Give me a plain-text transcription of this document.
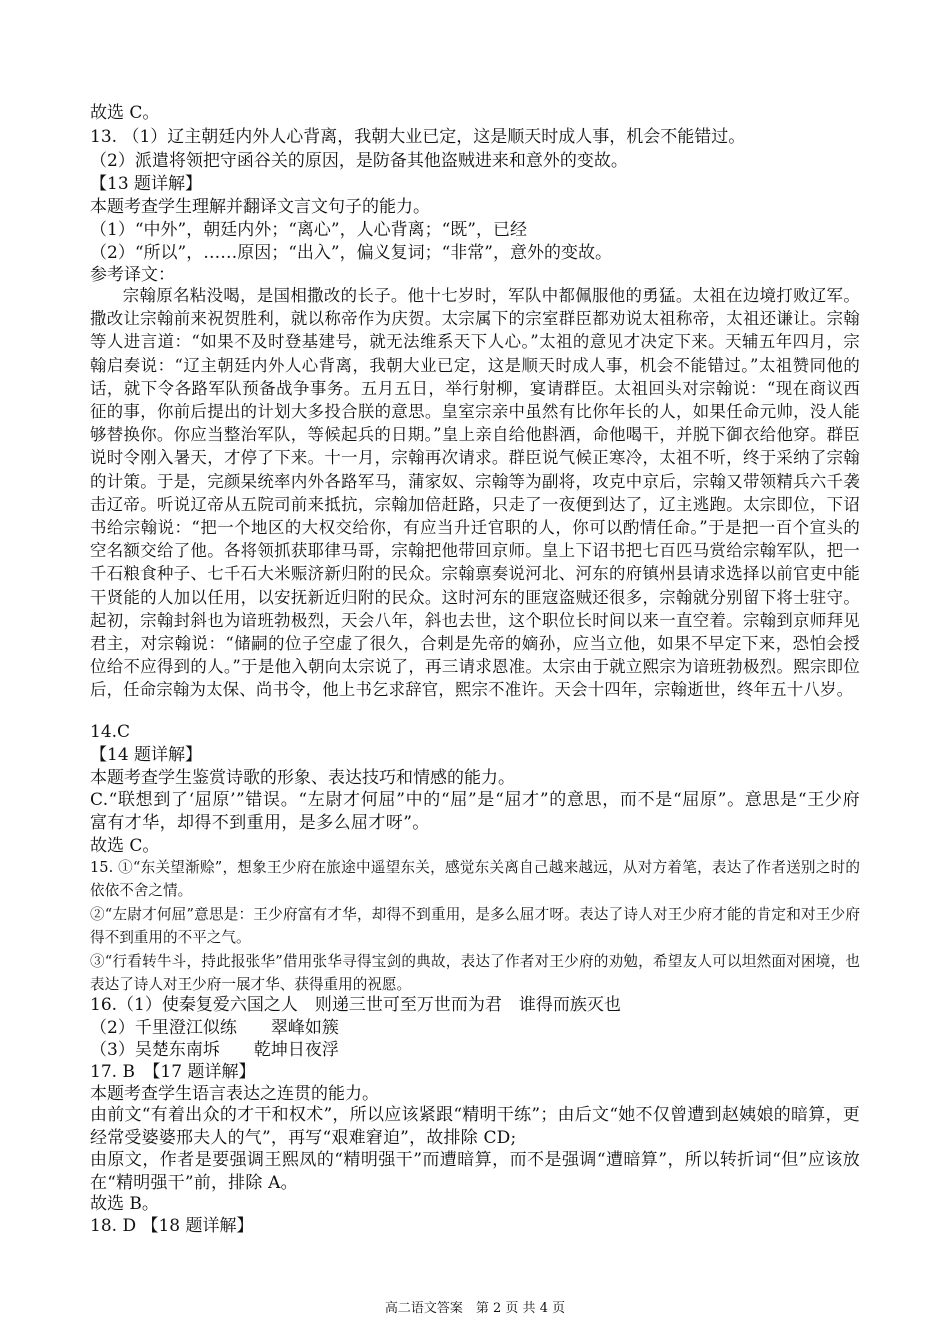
故选 C。
13. （1）辽主朝廷内外人心背离，我朝大业已定，这是顺天时成人事，机会不能错过。
（2）派遣将领把守函谷关的原因，是防备其他盗贼进来和意外的变故。
【13 题详解】
本题考查学生理解并翻译文言文句子的能力。
（1）“中外”，朝廷内外；“离心”，人心背离；“既”，已经
（2）“所以”，……原因；“出入”，偏义复词；“非常”，意外的变故。
参考译文：
宗翰原名粘没喝，是国相撒改的长子。他十七岁时，军队中都佩服他的勇猛。太祖在边境打败辽军。撒改让宗翰前来祝贺胜利，就以称帝作为庆贺。太宗属下的宗室群臣都劝说太祖称帝，太祖还谦让。宗翰等人进言道：“如果不及时登基建号，就无法维系天下人心。”太祖的意见才决定下来。天辅五年四月，宗翰启奏说：“辽主朝廷内外人心背离，我朝大业已定，这是顺天时成人事，机会不能错过。”太祖赞同他的话，就下令各路军队预备战争事务。五月五日，举行射柳，宴请群臣。太祖回头对宗翰说：“现在商议西征的事，你前后提出的计划大多投合朕的意思。皇室宗亲中虽然有比你年长的人，如果任命元帅，没人能够替换你。你应当整治军队，等候起兵的日期。”皇上亲自给他斟酒，命他喝干，并脱下御衣给他穿。群臣说时令刚入暑天，才停了下来。十一月，宗翰再次请求。群臣说气候正寒冷，太祖不听，终于采纳了宗翰的计策。于是，完颜杲统率内外各路军马，蒲家奴、宗翰等为副将，攻克中京后，宗翰又带领精兵六千袭击辽帝。听说辽帝从五院司前来抵抗，宗翰加倍赶路，只走了一夜便到达了，辽主逃跑。太宗即位，下诏书给宗翰说：“把一个地区的大权交给你，有应当升迁官职的人，你可以酌情任命。”于是把一百个宣头的空名额交给了他。各将领抓获耶律马哥，宗翰把他带回京师。皇上下诏书把七百匹马赏给宗翰军队，把一千石粮食种子、七千石大米赈济新归附的民众。宗翰禀奏说河北、河东的府镇州县请求选择以前官吏中能干贤能的人加以任用，以安抚新近归附的民众。这时河东的匪寇盗贼还很多，宗翰就分别留下将士驻守。起初，宗翰封斜也为谙班勃极烈，天会八年，斜也去世，这个职位长时间以来一直空着。宗翰到京师拜见君主，对宗翰说：“储嗣的位子空虚了很久，合剌是先帝的嫡孙，应当立他，如果不早定下来，恐怕会授位给不应得到的人。”于是他入朝向太宗说了，再三请求恩准。太宗由于就立熙宗为谙班勃极烈。熙宗即位后，任命宗翰为太保、尚书令，他上书乞求辞官，熙宗不准许。天会十四年，宗翰逝世，终年五十八岁。
14.C
【14 题详解】
本题考查学生鉴赏诗歌的形象、表达技巧和情感的能力。
C.“联想到了‘屈原’”错误。“左尉才何屈”中的“屈”是“屈才”的意思，而不是“屈原”。意思是“王少府富有才华，却得不到重用，是多么屈才呀”。
故选 C。
15. ①“东关望渐赊”，想象王少府在旅途中遥望东关，感觉东关离自己越来越远，从对方着笔，表达了作者送别之时的依依不舍之情。
②“左尉才何屈”意思是：王少府富有才华，却得不到重用，是多么屈才呀。表达了诗人对王少府才能的肯定和对王少府得不到重用的不平之气。
③“行看转牛斗，持此报张华”借用张华寻得宝剑的典故，表达了作者对王少府的劝勉，希望友人可以坦然面对困境，也表达了诗人对王少府一展才华、获得重用的祝愿。
16.（1）使秦复爱六国之人　则递三世可至万世而为君　谁得而族灭也
（2）千里澄江似练　　翠峰如簇
（3）吴楚东南坼　　乾坤日夜浮
17. B　【17 题详解】
本题考查学生语言表达之连贯的能力。
由前文“有着出众的才干和权术”，所以应该紧跟“精明干练”；由后文“她不仅曾遭到赵姨娘的暗算，更经常受婆婆邢夫人的气”，再写“艰难窘迫”，故排除 CD;
由原文，作者是要强调王熙凤的“精明强干”而遭暗算，而不是强调“遭暗算”，所以转折词“但”应该放在“精明强干”前，排除 A。
故选 B。
18. D 【18 题详解】
高二语文答案　第 2 页 共 4 页
